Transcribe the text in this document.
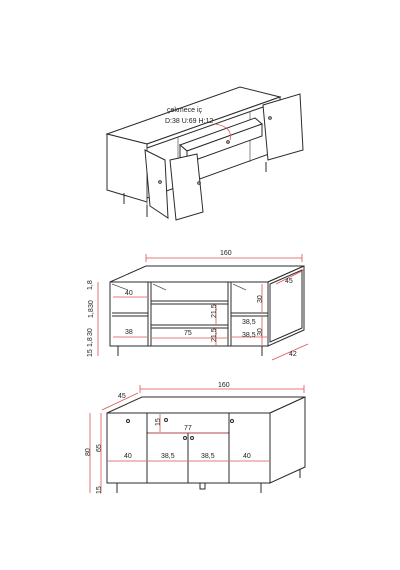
çekmece iç
D:38 U:69 H:12
160
1,8
30
1,8
30
1,8
15
40
38	75
21,5
21,5
38,5
38,5
30
30
45
42
160
45
77
15
40	38,5	38,5	40
80
65
15
